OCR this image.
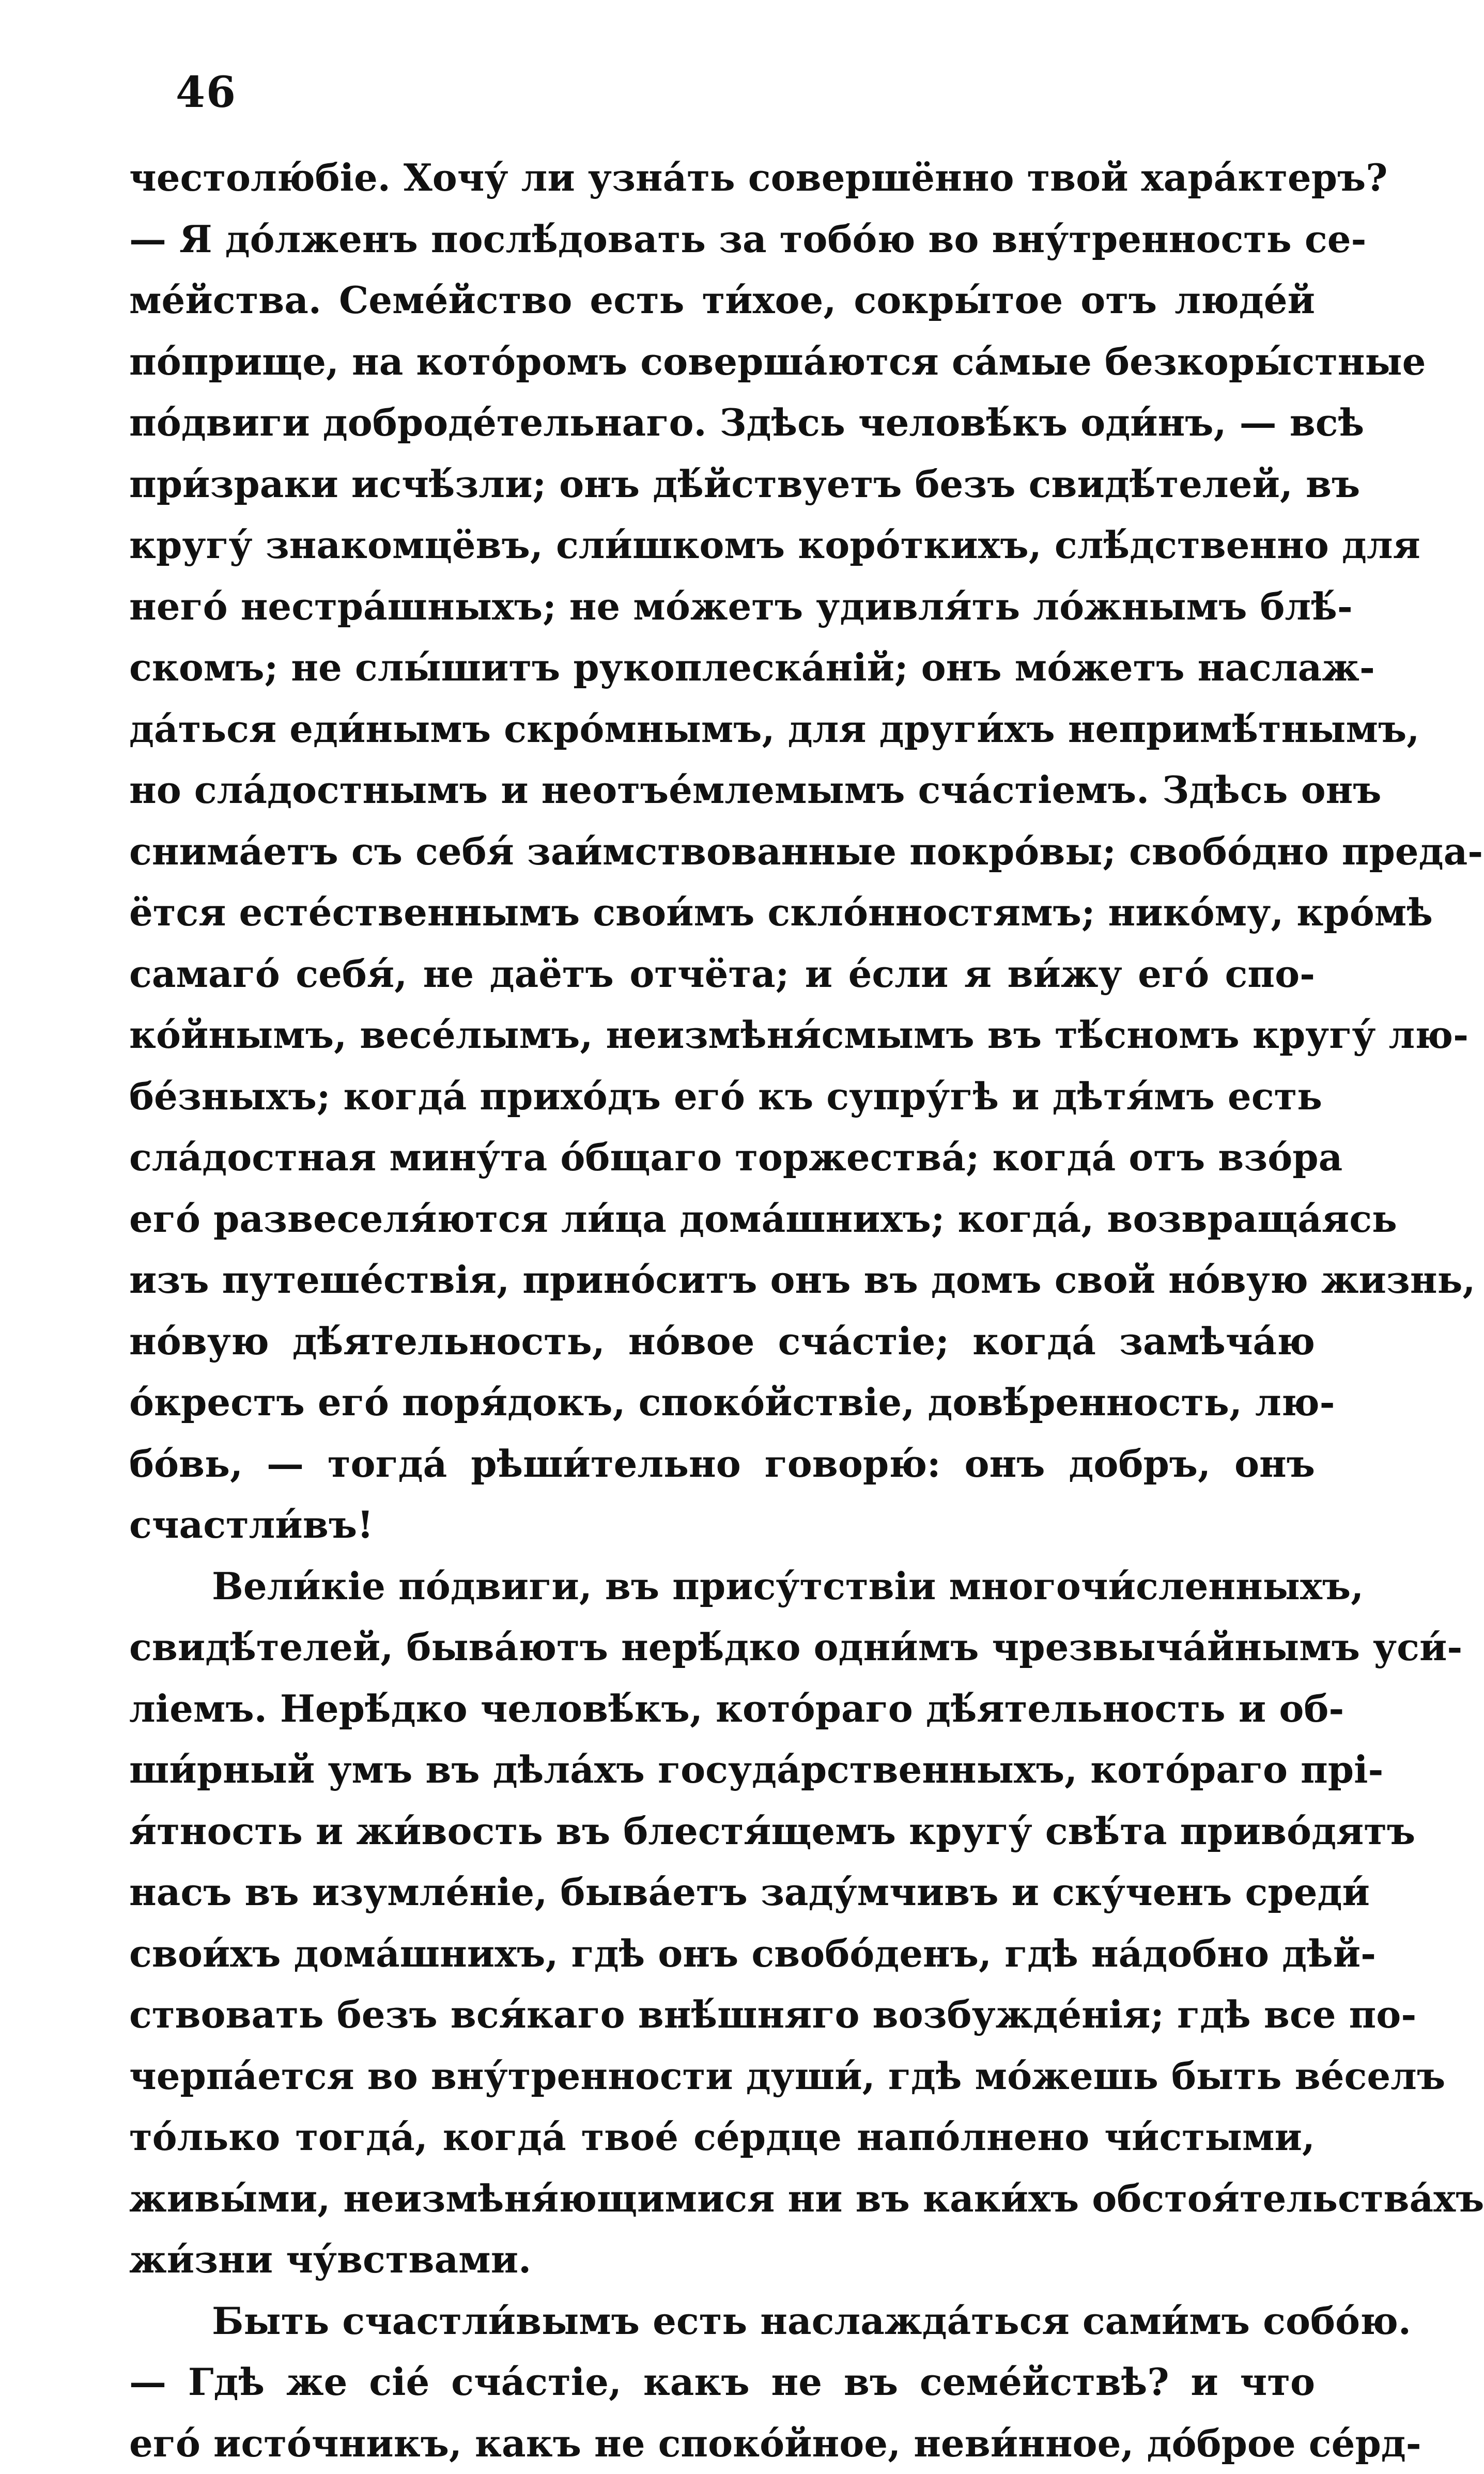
46
честолю́біе. Хочу́ ли узна́ть совершённо твой хара́ктеръ?
— Я до́лженъ послѣ́довать за тобо́ю во вну́тренность се-
ме́йства. Семе́йство есть ти́хое, сокры́тое отъ люде́й
по́прище, на кото́ромъ соверша́ются са́мые безкоры́стные
по́двиги доброде́тельнаго. Здѣсь человѣ́къ оди́нъ, — всѣ
при́зраки исчѣ́зли; онъ дѣ́йствуетъ безъ свидѣ́телей, въ
кругу́ знакомцёвъ, сли́шкомъ коро́ткихъ, слѣ́дственно для
него́ нестра́шныхъ; не мо́жетъ удивля́ть ло́жнымъ блѣ́-
скомъ; не слы́шитъ рукоплеска́ній; онъ мо́жетъ наслаж-
да́ться еди́нымъ скро́мнымъ, для други́хъ непримѣ́тнымъ,
но сла́достнымъ и неотъе́млемымъ сча́стіемъ. Здѣсь онъ
снима́етъ съ себя́ заи́мствованные покро́вы; свобо́дно преда-
ётся естéственнымъ свои́мъ скло́нностямъ; нико́му, кро́мѣ
самаго́ себя́, не даётъ отчёта; и е́сли я ви́жу его́ спо-
ко́йнымъ, весе́лымъ, неизмѣня́смымъ въ тѣ́сномъ кругу́ лю-
бе́зныхъ; когда́ прихо́дъ его́ къ супру́гѣ и дѣтя́мъ есть
сла́достная мину́та о́бщаго торжества́; когда́ отъ взо́ра
его́ развеселя́ются ли́ца дома́шнихъ; когда́, возвраща́ясь
изъ путеше́ствія, прино́ситъ онъ въ домъ свой но́вую жизнь,
но́вую дѣ́ятельность, но́вое сча́стіе; когда́ замѣча́ю
о́крестъ его́ поря́докъ, споко́йствіе, довѣ́ренность, лю-
бо́вь, — тогда́ рѣши́тельно говорю́: онъ добръ, онъ
счастли́въ!
Вели́кіе по́двиги, въ прису́тствіи многочи́сленныхъ,
свидѣ́телей, быва́ютъ нерѣ́дко одни́мъ чрезвыча́йнымъ уси́-
ліемъ. Нерѣ́дко человѣ́къ, кото́раго дѣ́ятельность и об-
ши́рный умъ въ дѣла́хъ госуда́рственныхъ, кото́раго прі-
я́тность и жи́вость въ блестя́щемъ кругу́ свѣ́та приво́дятъ
насъ въ изумле́ніе, быва́етъ заду́мчивъ и ску́ченъ среди́
свои́хъ дома́шнихъ, гдѣ онъ свобо́денъ, гдѣ на́добно дѣй-
ствовать безъ вся́каго внѣ́шняго возбужде́нія; гдѣ все по-
черпа́ется во вну́тренности души́, гдѣ мо́жешь быть ве́селъ
то́лько тогда́, когда́ твое́ се́рдце напо́лнено чи́стыми,
живы́ми, неизмѣня́ющимися ни въ каки́хъ обстоя́тельства́хъ
жи́зни чу́вствами.
Быть счастли́вымъ есть наслажда́ться сами́мъ собо́ю.
— Гдѣ же сіе́ сча́стіе, какъ не въ семе́йствѣ? и что
его́ исто́чникъ, какъ не споко́йное, неви́нное, до́брое се́рд-
